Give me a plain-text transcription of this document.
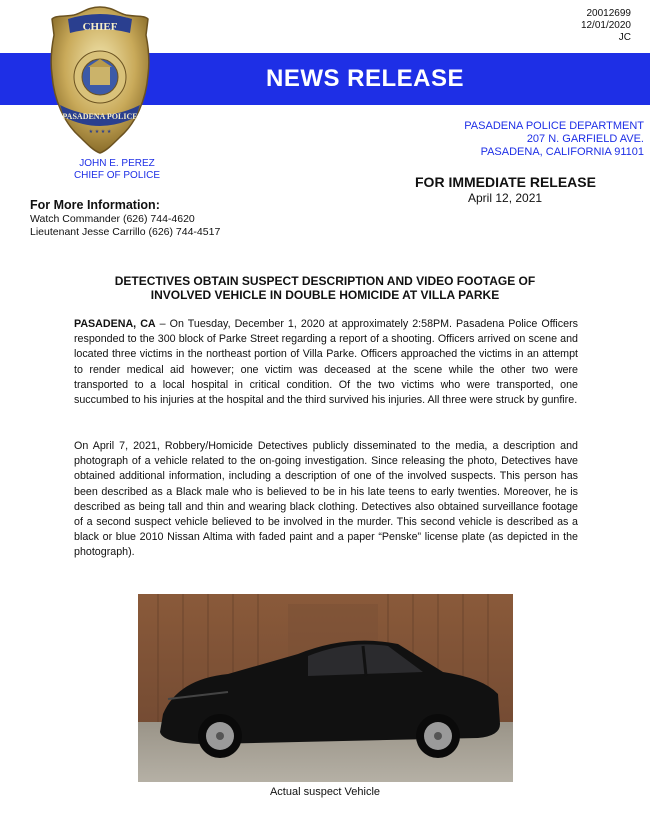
20012699
12/01/2020
JC
NEWS RELEASE
CHIEF
PASADENA POLICE
★ ★ ★ ★
JOHN E. PEREZ
CHIEF OF POLICE
PASADENA POLICE DEPARTMENT
207 N. GARFIELD AVE.
PASADENA, CALIFORNIA 91101
FOR IMMEDIATE RELEASE
April 12, 2021
For More Information:
Watch Commander (626) 744-4620
Lieutenant Jesse Carrillo (626) 744-4517
DETECTIVES OBTAIN SUSPECT DESCRIPTION AND VIDEO FOOTAGE OF
INVOLVED VEHICLE IN DOUBLE HOMICIDE AT VILLA PARKE
PASADENA, CA – On Tuesday, December 1, 2020 at approximately 2:58PM. Pasadena Police Officers responded to the 300 block of Parke Street regarding a report of a shooting. Officers arrived on scene and located three victims in the northeast portion of Villa Parke. Officers approached the victims in an attempt to render medical aid however; one victim was deceased at the scene while the other two were transported to a local hospital in critical condition. Of the two victims who were transported, one succumbed to his injuries at the hospital and the third survived his injuries. All three were struck by gunfire.
On April 7, 2021, Robbery/Homicide Detectives publicly disseminated to the media, a description and photograph of a vehicle related to the on-going investigation. Since releasing the photo, Detectives have obtained additional information, including a description of one of the involved suspects. This person has been described as a Black male who is believed to be in his late teens to early twenties. Moreover, he is described as being tall and thin and wearing black clothing. Detectives also obtained surveillance footage of a second suspect vehicle believed to be involved in the murder. This second vehicle is described as a black or blue 2010 Nissan Altima with faded paint and a paper “Penske” license plate (as depicted in the photograph).
Actual suspect Vehicle
